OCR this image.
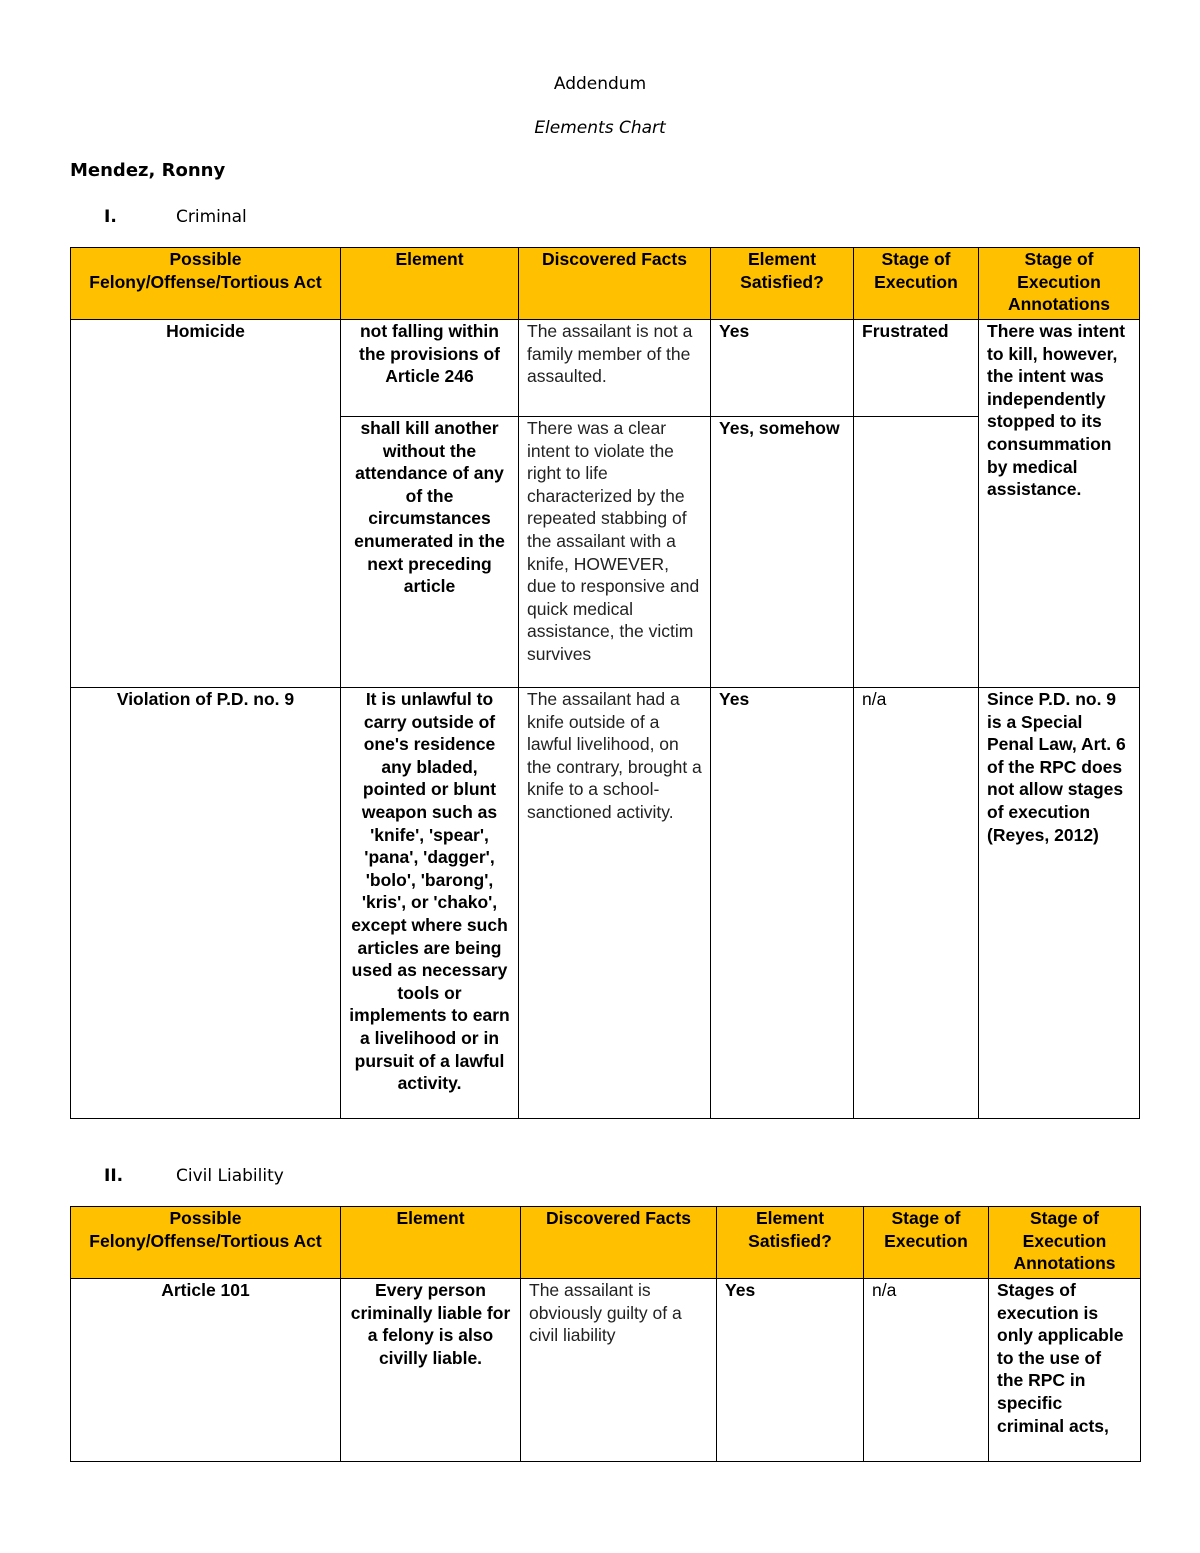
Addendum
Elements Chart
Mendez, Ronny
I.	Criminal
Possible Felony/Offense/Tortious Act	Element	Discovered Facts	Element Satisfied?	Stage of Execution	Stage of Execution Annotations
Homicide	not falling within the provisions of Article 246	The assailant is not a family member of the assaulted.	Yes	Frustrated	There was intent to kill, however, the intent was independently stopped to its consummation by medical assistance.
	shall kill another without the attendance of any of the circumstances enumerated in the next preceding article	There was a clear intent to violate the right to life characterized by the repeated stabbing of the assailant with a knife, HOWEVER, due to responsive and quick medical assistance, the victim survives	Yes, somehow		
Violation of P.D. no. 9	It is unlawful to carry outside of one's residence any bladed, pointed or blunt weapon such as 'knife', 'spear', 'pana', 'dagger', 'bolo', 'barong', 'kris', or 'chako', except where such articles are being used as necessary tools or implements to earn a livelihood or in pursuit of a lawful activity.	The assailant had a knife outside of a lawful livelihood, on the contrary, brought a knife to a school-sanctioned activity.	Yes	n/a	Since P.D. no. 9 is a Special Penal Law, Art. 6 of the RPC does not allow stages of execution (Reyes, 2012)
II.	Civil Liability
Possible Felony/Offense/Tortious Act	Element	Discovered Facts	Element Satisfied?	Stage of Execution	Stage of Execution Annotations
Article 101	Every person criminally liable for a felony is also civilly liable.	The assailant is obviously guilty of a civil liability	Yes	n/a	Stages of execution is only applicable to the use of the RPC in specific criminal acts,
